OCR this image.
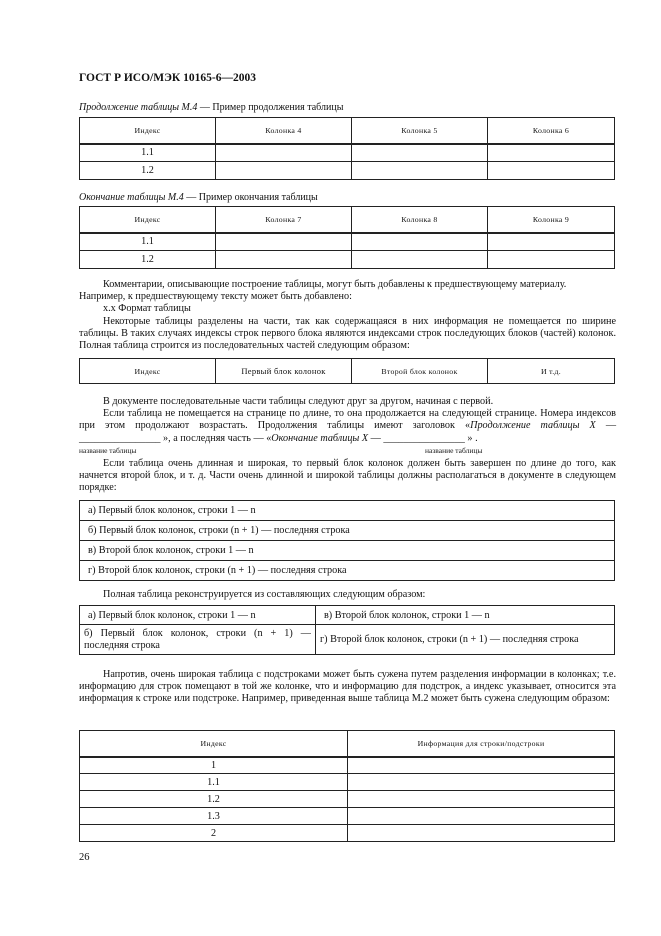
ГОСТ Р ИСО/МЭК 10165-6—2003
Продолжение таблицы М.4 — Пример продолжения таблицы
Индекс	Колонка 4	Колонка 5	Колонка 6
1.1			
1.2			
Окончание таблицы М.4 — Пример окончания таблицы
Индекс	Колонка 7	Колонка 8	Колонка 9
1.1			
1.2			

Комментарии, описывающие построение таблицы, могут быть добавлены к предшествующему материалу.

Например, к предшествующему тексту может быть добавлено:

x.x Формат таблицы

Некоторые таблицы разделены на части, так как содержащаяся в них информация не помещается по ширине таблицы. В таких случаях индексы строк первого блока являются индексами строк последующих блоков (частей) колонок. Полная таблица строится из последовательных частей следующим образом:

Индекс	Первый блок колонок	Второй блок колонок	И т.д.

В документе последовательные части таблицы следуют друг за другом, начиная с первой.

Если таблица не помещается на странице по длине, то она продолжается на следующей странице. Номера индексов при этом продолжают возрастать. Продолжения таблицы имеют заголовок «Продолжение таблицы X — ________________ », а последняя часть — «Окончание таблицы X — ________________ » .

название таблицы	название таблицы

Если таблица очень длинная и широкая, то первый блок колонок должен быть завершен по длине до того, как начнется второй блок, и т. д. Части очень длинной и широкой таблицы должны располагаться в документе в следующем порядке:

а) Первый блок колонок, строки 1 — n
б) Первый блок колонок, строки (n + 1) — последняя строка
в) Второй блок колонок, строки 1 — n
г) Второй блок колонок, строки (n + 1) — последняя строка

Полная таблица реконструируется из составляющих следующим образом:

а) Первый блок колонок, строки 1 — n	в) Второй блок колонок, строки 1 — n
б) Первый блок колонок, строки (n + 1) — последняя строка	г) Второй блок колонок, строки (n + 1) — последняя строка

Напротив, очень широкая таблица с подстроками может быть сужена путем разделения информации в колонках; т.е. информацию для строк помещают в той же колонке, что и информацию для подстрок, а индекс указывает, относится эта информация к строке или подстроке. Например, приведенная выше таблица М.2 может быть сужена следующим образом:

Индекс	Информация для строки/подстроки
1	
1.1	
1.2	
1.3	
2	
26
